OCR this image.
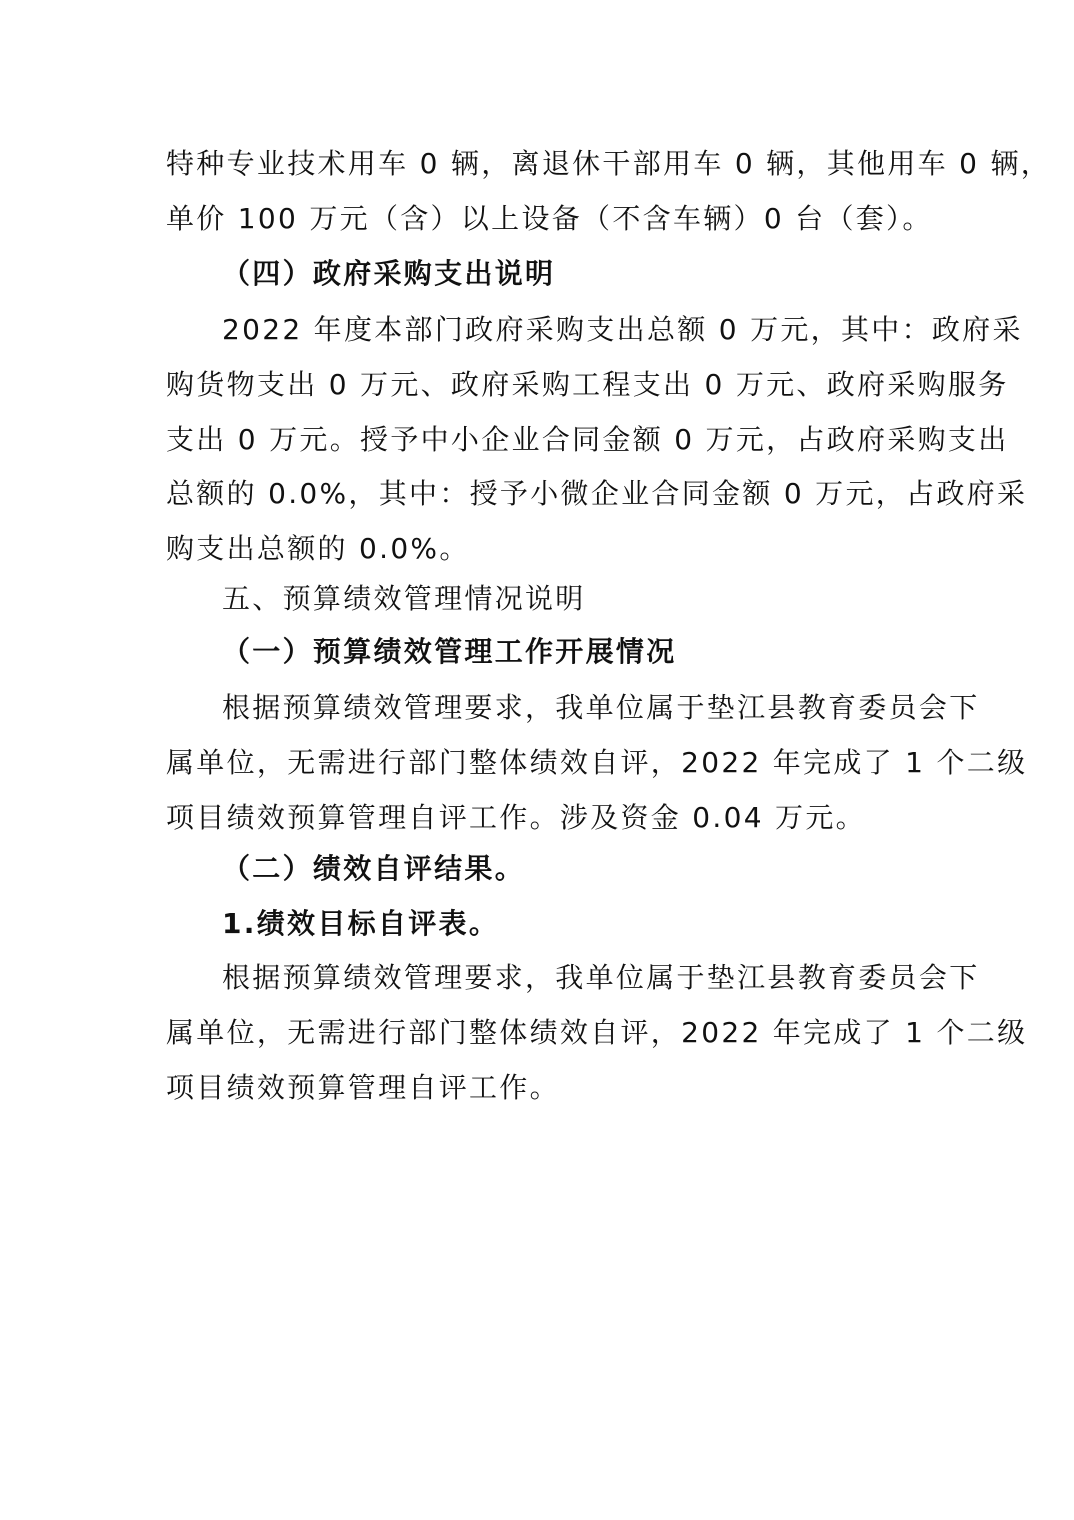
特种专业技术用车 0 辆，离退休干部用车 0 辆，其他用车 0 辆，

单价 100 万元（含）以上设备（不含车辆）0 台（套）。

（四）政府采购支出说明

2022 年度本部门政府采购支出总额 0 万元，其中：政府采

购货物支出 0 万元、政府采购工程支出 0 万元、政府采购服务

支出 0 万元。授予中小企业合同金额 0 万元，占政府采购支出

总额的 0.0%，其中：授予小微企业合同金额 0 万元，占政府采

购支出总额的 0.0%。

五、预算绩效管理情况说明

（一）预算绩效管理工作开展情况

根据预算绩效管理要求，我单位属于垫江县教育委员会下

属单位，无需进行部门整体绩效自评，2022 年完成了 1 个二级

项目绩效预算管理自评工作。涉及资金 0.04 万元。

（二）绩效自评结果。

1.绩效目标自评表。

根据预算绩效管理要求，我单位属于垫江县教育委员会下

属单位，无需进行部门整体绩效自评，2022 年完成了 1 个二级

项目绩效预算管理自评工作。
